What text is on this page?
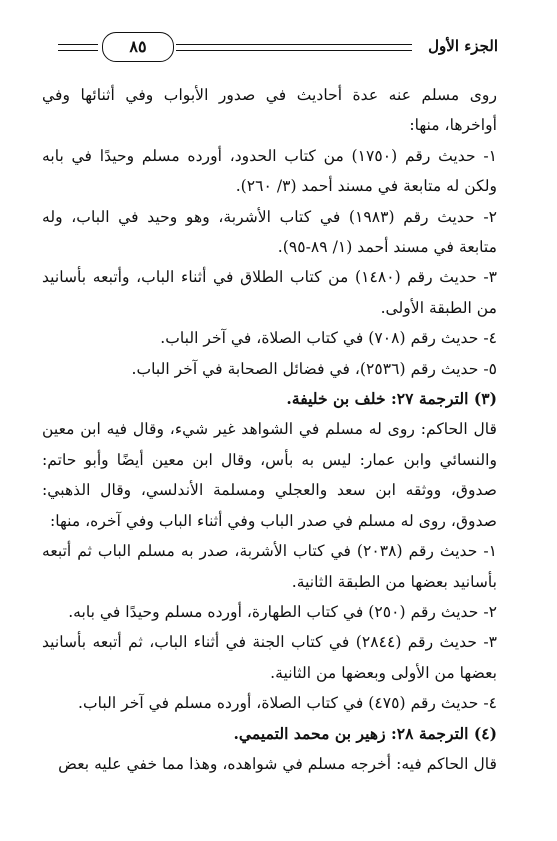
الجزء الأول
٨٥

روى مسلم عنه عدة أحاديث في صدور الأبواب وفي أثنائها وفي أواخرها، منها:

١- حديث رقم (١٧٥٠) من كتاب الحدود، أورده مسلم وحيدًا في بابه ولكن له متابعة في مسند أحمد (٣/ ٢٦٠).

٢- حديث رقم (١٩٨٣) في كتاب الأشربة، وهو وحيد في الباب، وله متابعة في مسند أحمد (١/ ٨٩-٩٥).

٣- حديث رقم (١٤٨٠) من كتاب الطلاق في أثناء الباب، وأتبعه بأسانيد من الطبقة الأولى.

٤- حديث رقم (٧٠٨) في كتاب الصلاة، في آخر الباب.

٥- حديث رقم (٢٥٣٦)، في فضائل الصحابة في آخر الباب.

(٣) الترجمة ٢٧: خلف بن خليفة.

قال الحاكم: روى له مسلم في الشواهد غير شيء، وقال فيه ابن معين والنسائي وابن عمار: ليس به بأس، وقال ابن معين أيضًا وأبو حاتم: صدوق، ووثقه ابن سعد والعجلي ومسلمة الأندلسي، وقال الذهبي: صدوق، روى له مسلم في صدر الباب وفي أثناء الباب وفي آخره، منها:

١- حديث رقم (٢٠٣٨) في كتاب الأشربة، صدر به مسلم الباب ثم أتبعه بأسانيد بعضها من الطبقة الثانية.

٢- حديث رقم (٢٥٠) في كتاب الطهارة، أورده مسلم وحيدًا في بابه.

٣- حديث رقم (٢٨٤٤) في كتاب الجنة في أثناء الباب، ثم أتبعه بأسانيد بعضها من الأولى وبعضها من الثانية.

٤- حديث رقم (٤٧٥) في كتاب الصلاة، أورده مسلم في آخر الباب.

(٤) الترجمة ٢٨: زهير بن محمد التميمي.

قال الحاكم فيه: أخرجه مسلم في شواهده، وهذا مما خفي عليه بعض
